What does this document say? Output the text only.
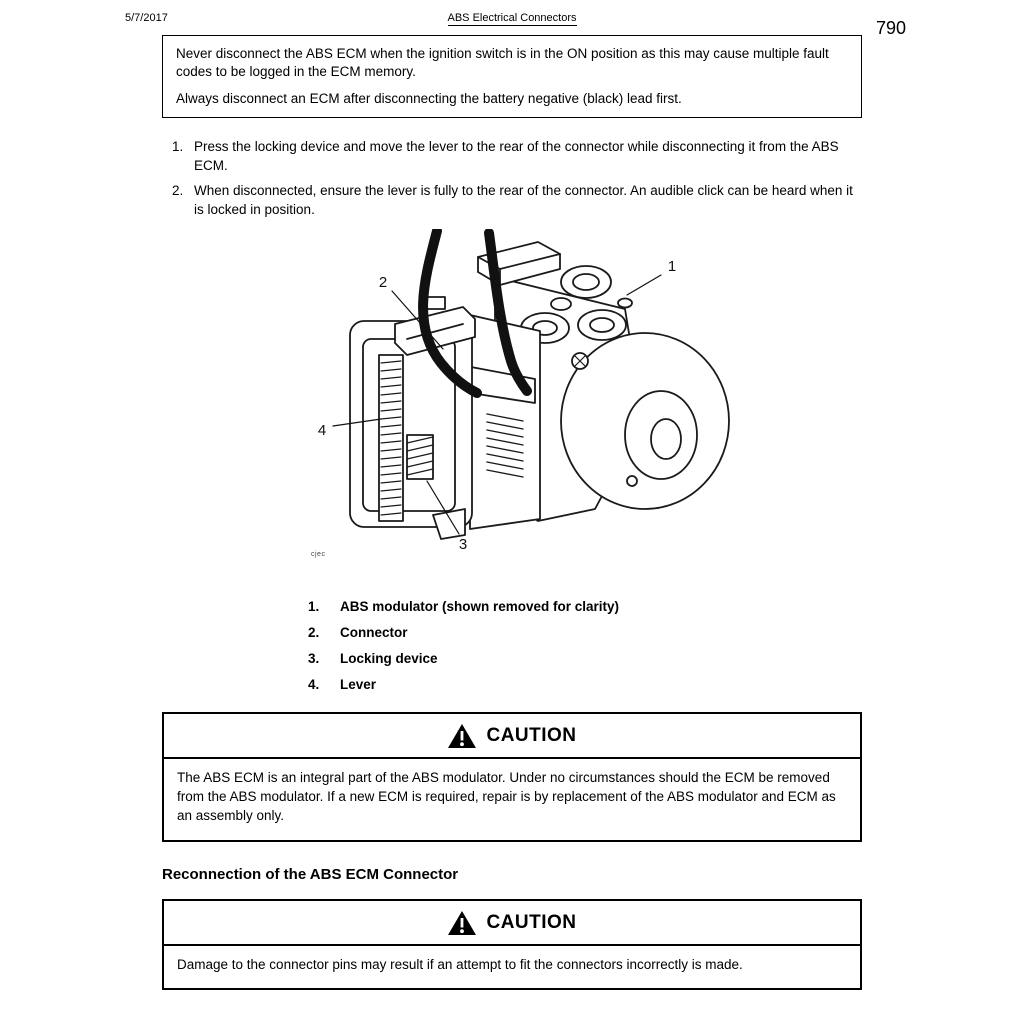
5/7/2017	ABS Electrical Connectors	790

Never disconnect the ABS ECM when the ignition switch is in the ON position as this may cause multiple fault codes to be logged in the ECM memory.

Always disconnect an ECM after disconnecting the battery negative (black) lead first.

1. Press the locking device and move the lever to the rear of the connector while disconnecting it from the ABS ECM.
2. When disconnected, ensure the lever is fully to the rear of the connector. An audible click can be heard when it is locked in position.
1
2
3
4
cjec
1.	ABS modulator (shown removed for clarity)
2.	Connector
3.	Locking device
4.	Lever
CAUTION
The ABS ECM is an integral part of the ABS modulator. Under no circumstances should the ECM be removed from the ABS modulator. If a new ECM is required, repair is by replacement of the ABS modulator and ECM as an assembly only.
Reconnection of the ABS ECM Connector
CAUTION
Damage to the connector pins may result if an attempt to fit the connectors incorrectly is made.
